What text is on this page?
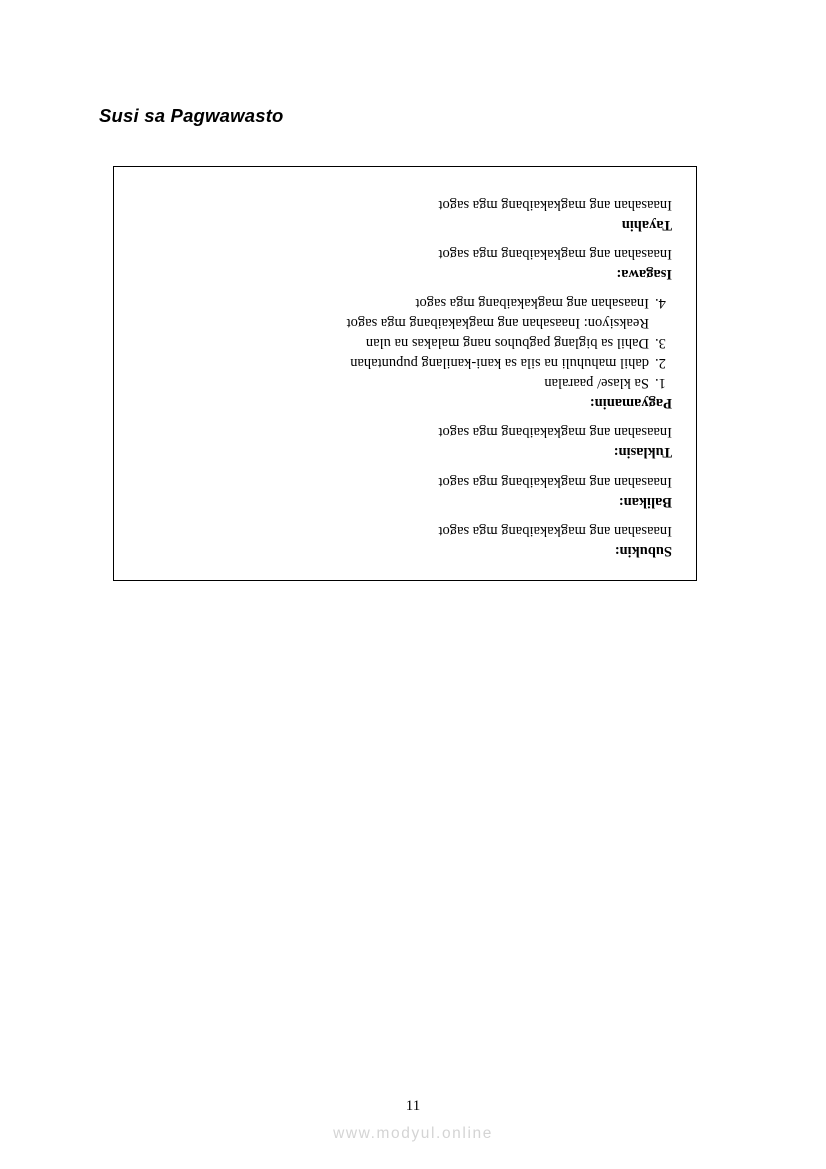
Susi sa Pagwawasto
Subukin:
Inaasahan ang magkakaibang mga sagot
Balikan:
Inaasahan ang magkakaibang mga sagot
Tuklasin:
Inaasahan ang magkakaibang mga sagot
Pagyamanin:
1.
Sa klase/ paaralan
2.
dahil mahuhuli na sila sa kani-kanilang pupuntahan
3.
Dahil sa biglang pagbuhos nang malakas na ulan
Reaksiyon: Inaasahan ang magkakaibang mga sagot
4.
Inaasahan ang magkakaibang mga sagot
Isagawa:
Inaasahan ang magkakaibang mga sagot
Tayahin
Inaasahan ang magkakaibang mga sagot
11
www.modyul.online
